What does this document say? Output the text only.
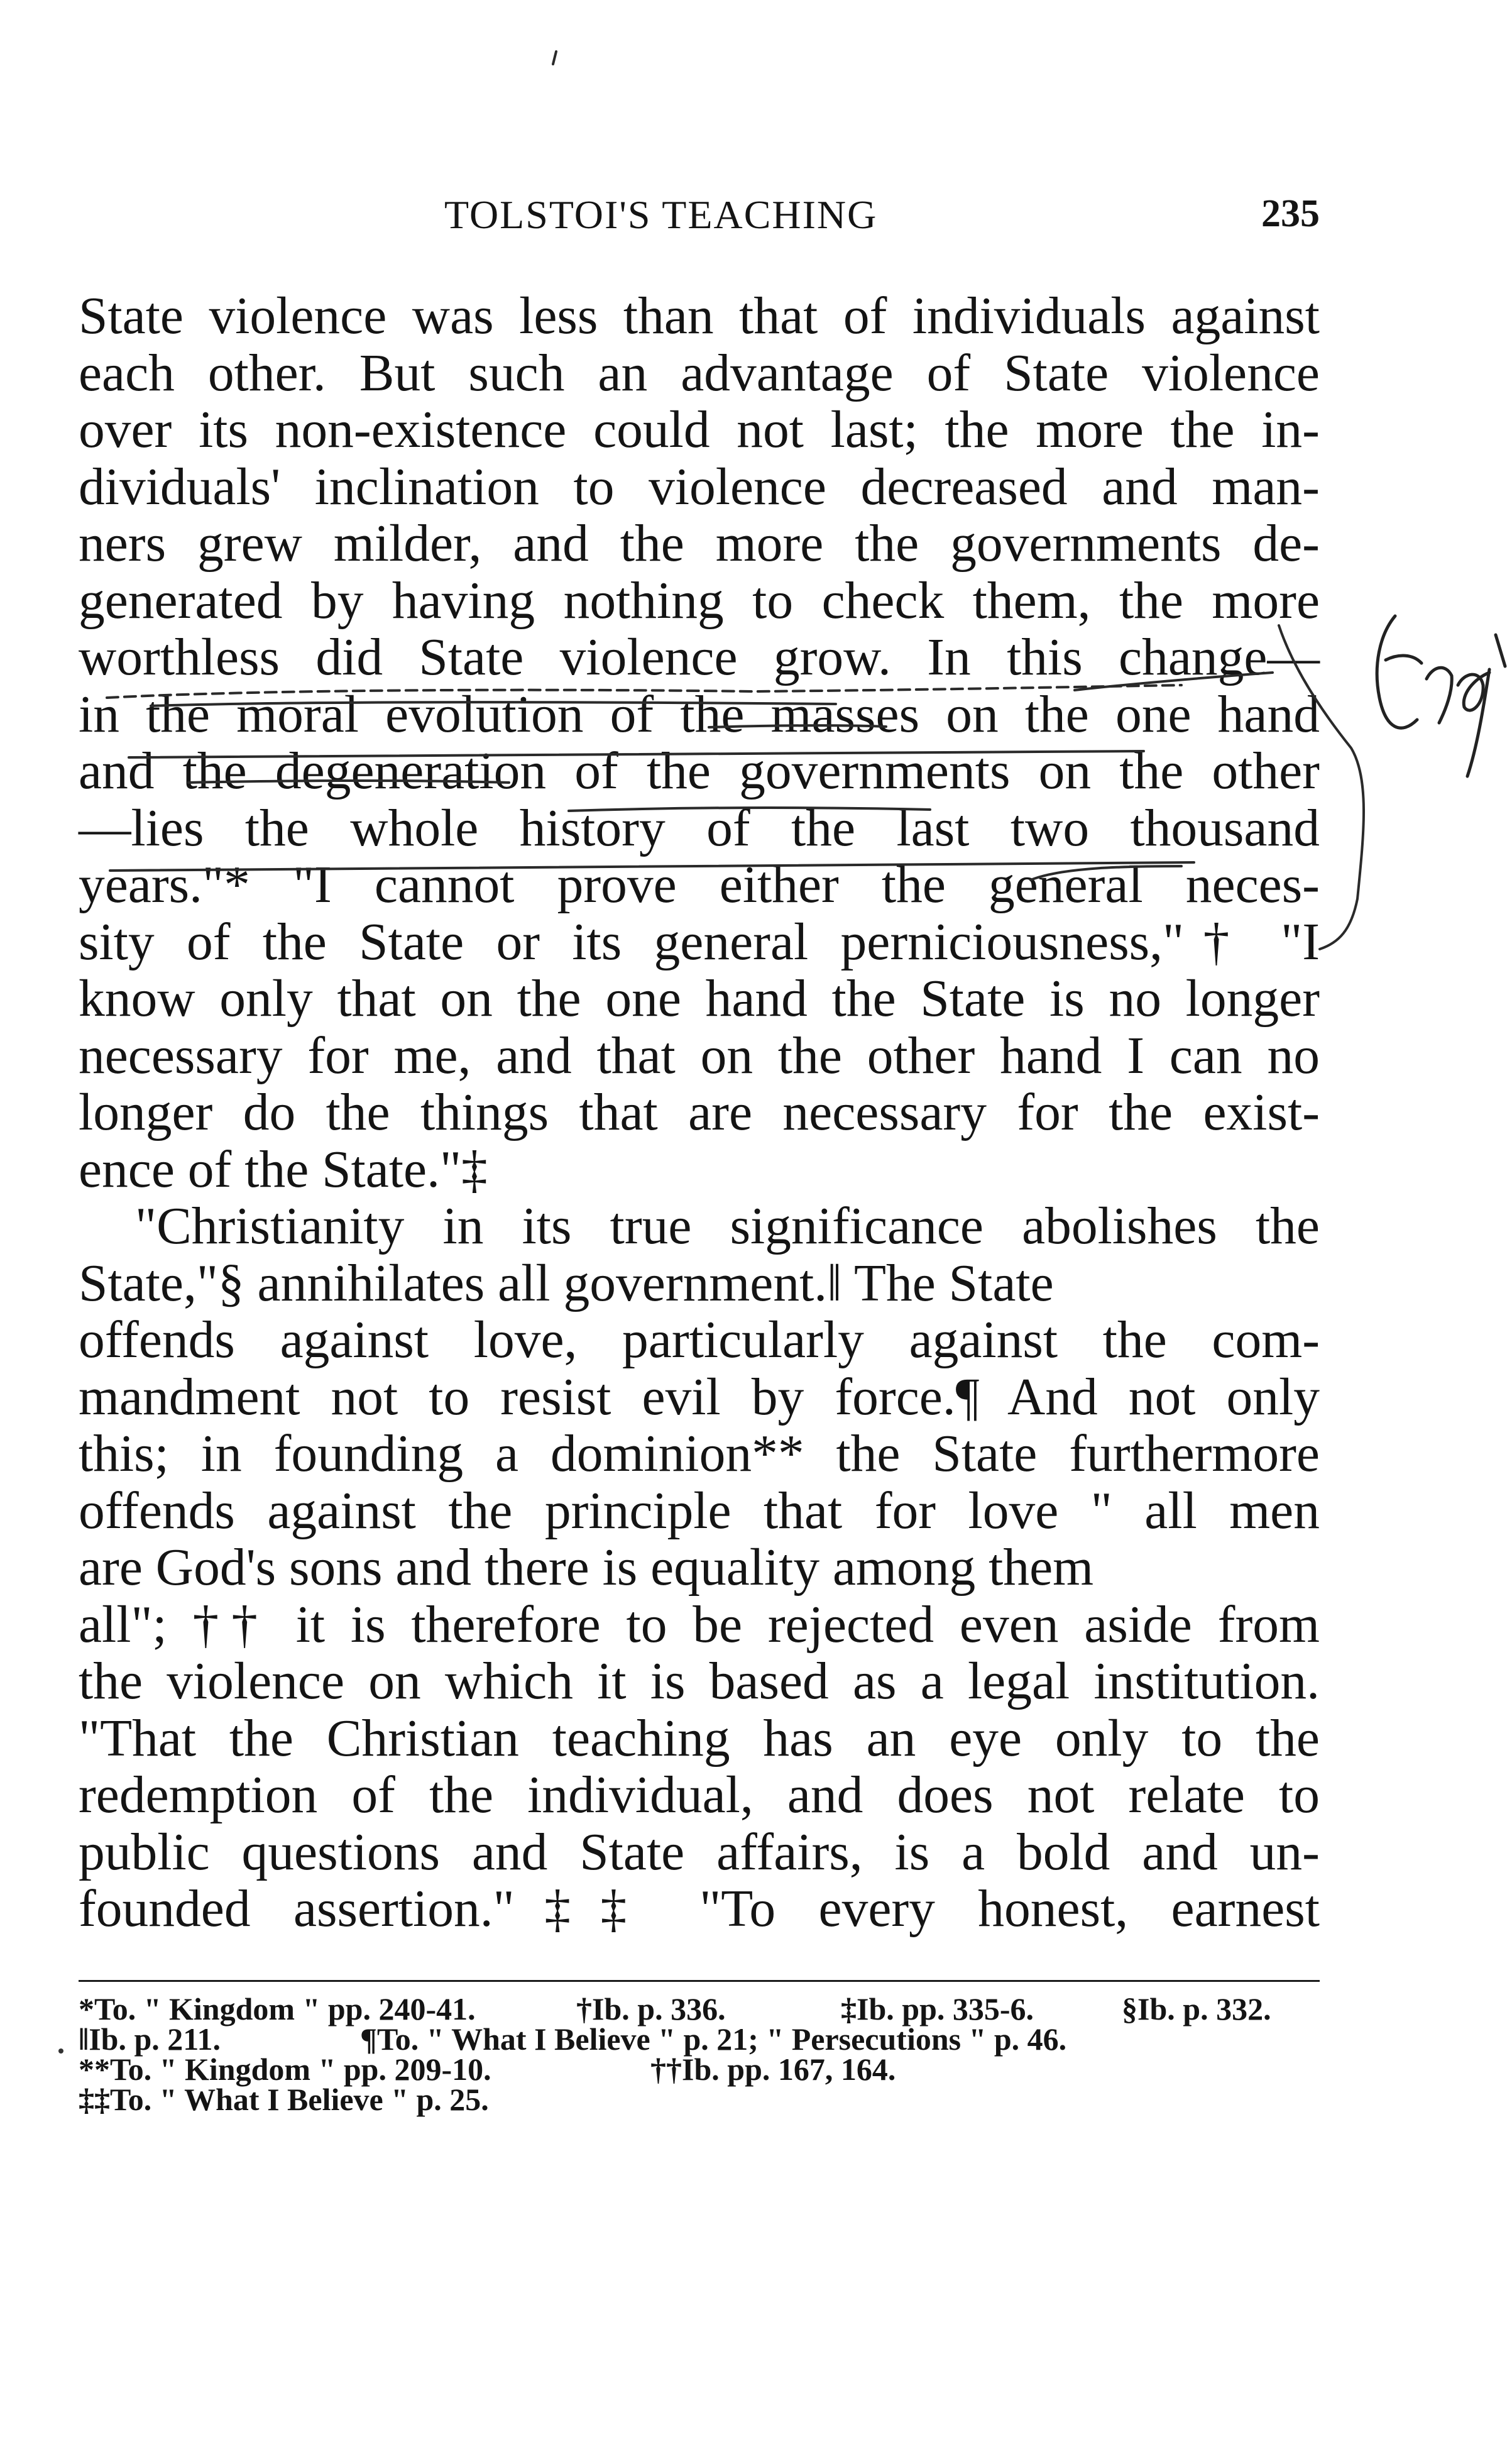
TOLSTOI'S TEACHING	235
State violence was less than that of individuals against
each other. But such an advantage of State violence
over its non-existence could not last; the more the in-
dividuals' inclination to violence decreased and man-
ners grew milder, and the more the governments de-
generated by having nothing to check them, the more
worthless did State violence grow. In this change—
in the moral evolution of the masses on the one hand
and the degeneration of the governments on the other
—lies the whole history of the last two thousand
years."* "I cannot prove either the general neces-
sity of the State or its general perniciousness,"† "I
know only that on the one hand the State is no longer
necessary for me, and that on the other hand I can no
longer do the things that are necessary for the exist-
ence of the State."‡
"Christianity in its true significance abolishes the
State,"§ annihilates all government.‖ The State
offends against love, particularly against the com-
mandment not to resist evil by force.¶ And not only
this; in founding a dominion** the State furthermore
offends against the principle that for love " all men
are God's sons and there is equality among them
all"; †† it is therefore to be rejected even aside from
the violence on which it is based as a legal institution.
"That the Christian teaching has an eye only to the
redemption of the individual, and does not relate to
public questions and State affairs, is a bold and un-
founded assertion."‡‡ "To every honest, earnest
*To. " Kingdom " pp. 240-41.	†Ib. p. 336.	‡Ib. pp. 335-6.	§Ib. p. 332.
‖Ib. p. 211.	¶To. " What I Believe " p. 21; " Persecutions " p. 46.
**To. " Kingdom " pp. 209-10.	††Ib. pp. 167, 164.
‡‡To. " What I Believe " p. 25.
